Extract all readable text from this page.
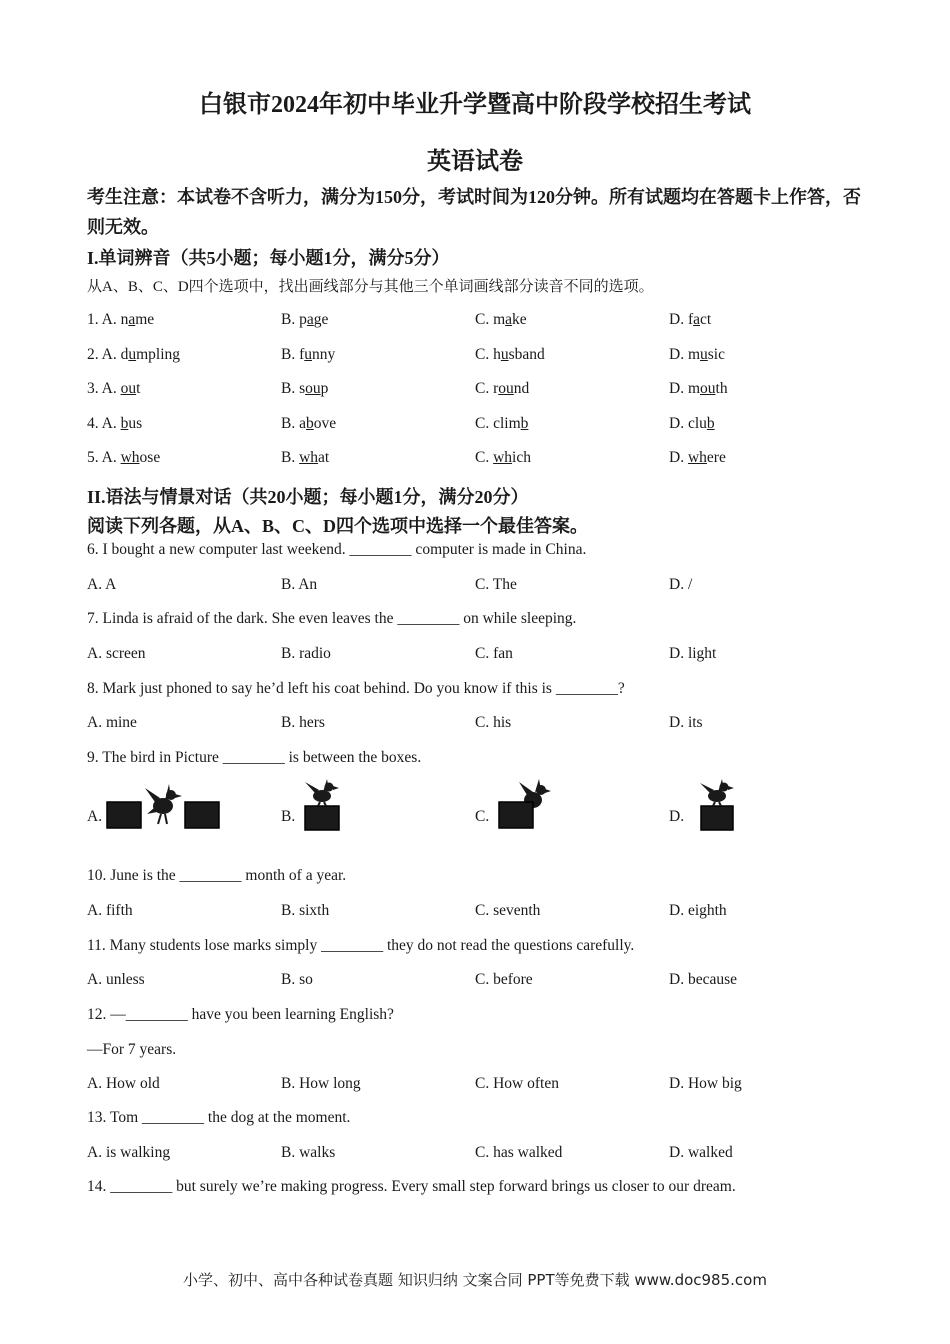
白银市2024年初中毕业升学暨高中阶段学校招生考试
英语试卷
考生注意：本试卷不含听力，满分为150分，考试时间为120分钟。所有试题均在答题卡上作答，否则无效。
I.单词辨音（共5小题；每小题1分，满分5分）
从A、B、C、D四个选项中，找出画线部分与其他三个单词画线部分读音不同的选项。
1. A. name	B. page	C. make	D. fact
2. A. dumpling	B. funny	C. husband	D. music
3. A. out	B. soup	C. round	D. mouth
4. A. bus	B. above	C. climb	D. club
5. A. whose	B. what	C. which	D. where
II.语法与情景对话（共20小题；每小题1分，满分20分）
阅读下列各题，从A、B、C、D四个选项中选择一个最佳答案。
6. I bought a new computer last weekend. ________ computer is made in China.
A. A	B. An	C. The	D. /
7. Linda is afraid of the dark. She even leaves the ________ on while sleeping.
A. screen	B. radio	C. fan	D. light
8. Mark just phoned to say he’d left his coat behind. Do you know if this is ________?
A. mine	B. hers	C. his	D. its
9. The bird in Picture ________ is between the boxes.
A.	B.	C.	D.
10. June is the ________ month of a year.
A. fifth	B. sixth	C. seventh	D. eighth
11. Many students lose marks simply ________ they do not read the questions carefully.
A. unless	B. so	C. before	D. because
12. —________ have you been learning English?
—For 7 years.
A. How old	B. How long	C. How often	D. How big
13. Tom ________ the dog at the moment.
A. is walking	B. walks	C. has walked	D. walked
14. ________ but surely we’re making progress. Every small step forward brings us closer to our dream.
小学、初中、高中各种试卷真题 知识归纳 文案合同 PPT等免费下载 www.doc985.com
